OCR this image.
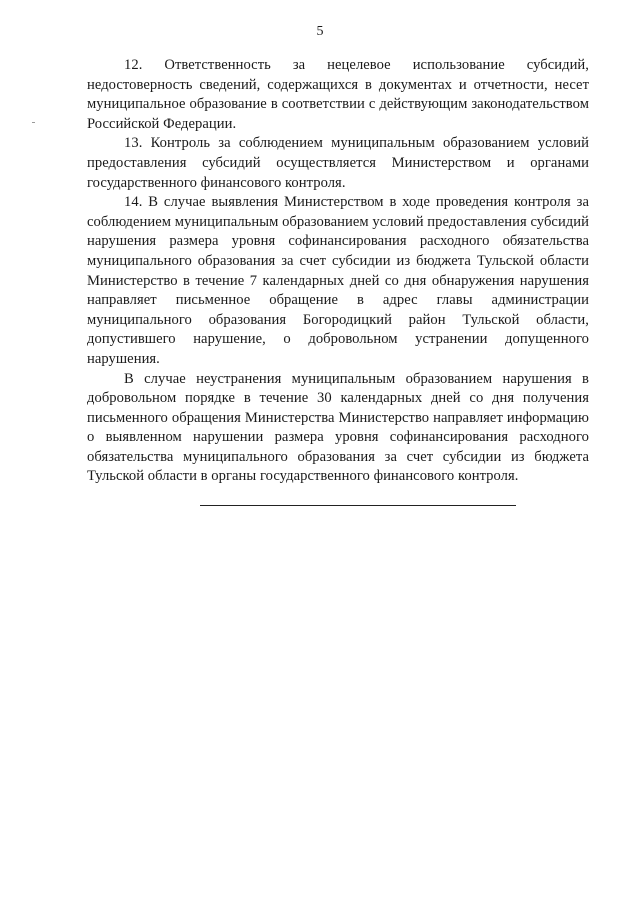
5

12. Ответственность за нецелевое использование субсидий, недостоверность сведений, содержащихся в документах и отчетности, несет муниципальное образование в соответствии с действующим законодательством Российской Федерации.

13. Контроль за соблюдением муниципальным образованием условий предоставления субсидий осуществляется Министерством и органами государственного финансового контроля.

14. В случае выявления Министерством в ходе проведения контроля за соблюдением муниципальным образованием условий предоставления субсидий нарушения размера уровня софинансирования расходного обязательства муниципального образования за счет субсидии из бюджета Тульской области Министерство в течение 7 календарных дней со дня обнаружения нарушения направляет письменное обращение в адрес главы администрации муниципального образования Богородицкий район Тульской области, допустившего нарушение, о добровольном устранении допущенного нарушения.

В случае неустранения муниципальным образованием нарушения в добровольном порядке в течение 30 календарных дней со дня получения письменного обращения Министерства Министерство направляет информацию о выявленном нарушении размера уровня софинансирования расходного обязательства муниципального образования за счет субсидии из бюджета Тульской области в органы государственного финансового контроля.
